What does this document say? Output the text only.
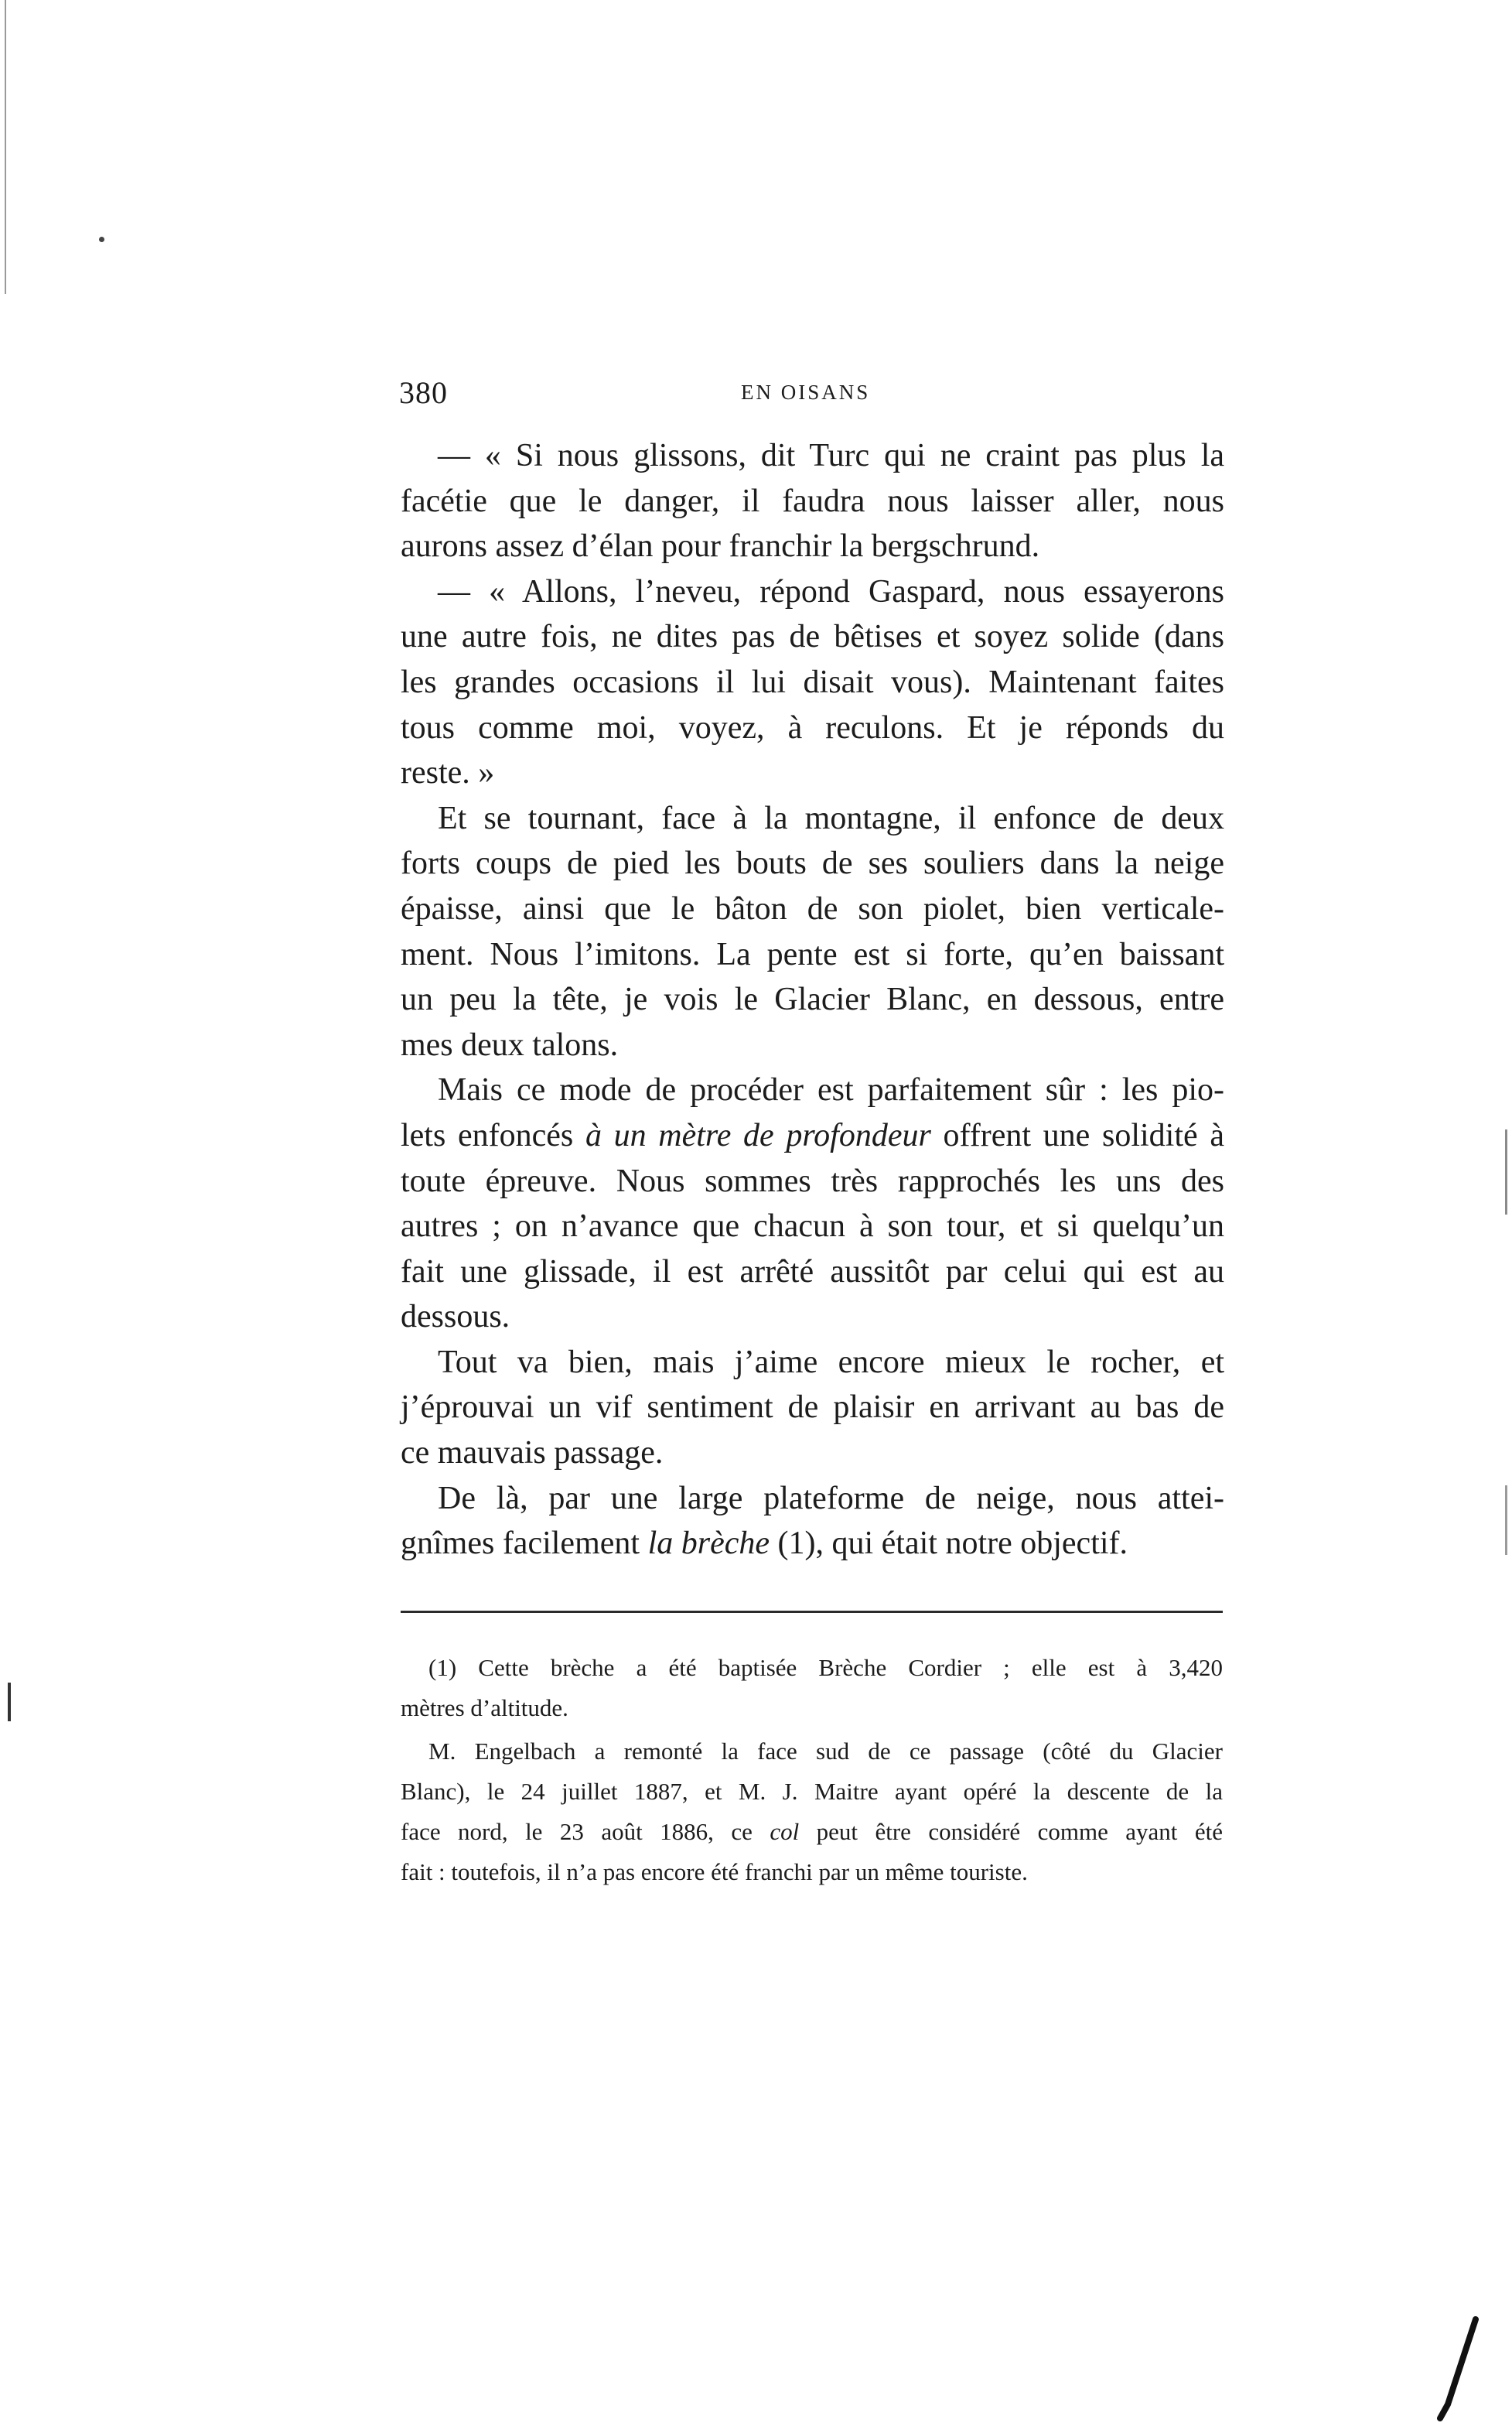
380	EN OISANS
— « Si nous glissons, dit Turc qui ne craint pas plus la
facétie que le danger, il faudra nous laisser aller, nous
aurons assez d’élan pour franchir la bergschrund.
— « Allons, l’neveu, répond Gaspard, nous essayerons
une autre fois, ne dites pas de bêtises et soyez solide (dans
les grandes occasions il lui disait vous). Maintenant faites
tous comme moi, voyez, à reculons. Et je réponds du
reste. »
Et se tournant, face à la montagne, il enfonce de deux
forts coups de pied les bouts de ses souliers dans la neige
épaisse, ainsi que le bâton de son piolet, bien verticale-
ment. Nous l’imitons. La pente est si forte, qu’en baissant
un peu la tête, je vois le Glacier Blanc, en dessous, entre
mes deux talons.
Mais ce mode de procéder est parfaitement sûr : les pio-
lets enfoncés à un mètre de profondeur offrent une solidité à
toute épreuve. Nous sommes très rapprochés les uns des
autres ; on n’avance que chacun à son tour, et si quelqu’un
fait une glissade, il est arrêté aussitôt par celui qui est au
dessous.
Tout va bien, mais j’aime encore mieux le rocher, et
j’éprouvai un vif sentiment de plaisir en arrivant au bas de
ce mauvais passage.
De là, par une large plateforme de neige, nous attei-
gnîmes facilement la brèche (1), qui était notre objectif.
(1) Cette brèche a été baptisée Brèche Cordier ; elle est à 3,420
mètres d’altitude.
M. Engelbach a remonté la face sud de ce passage (côté du Glacier
Blanc), le 24 juillet 1887, et M. J. Maitre ayant opéré la descente de la
face nord, le 23 août 1886, ce col peut être considéré comme ayant été
fait : toutefois, il n’a pas encore été franchi par un même touriste.
